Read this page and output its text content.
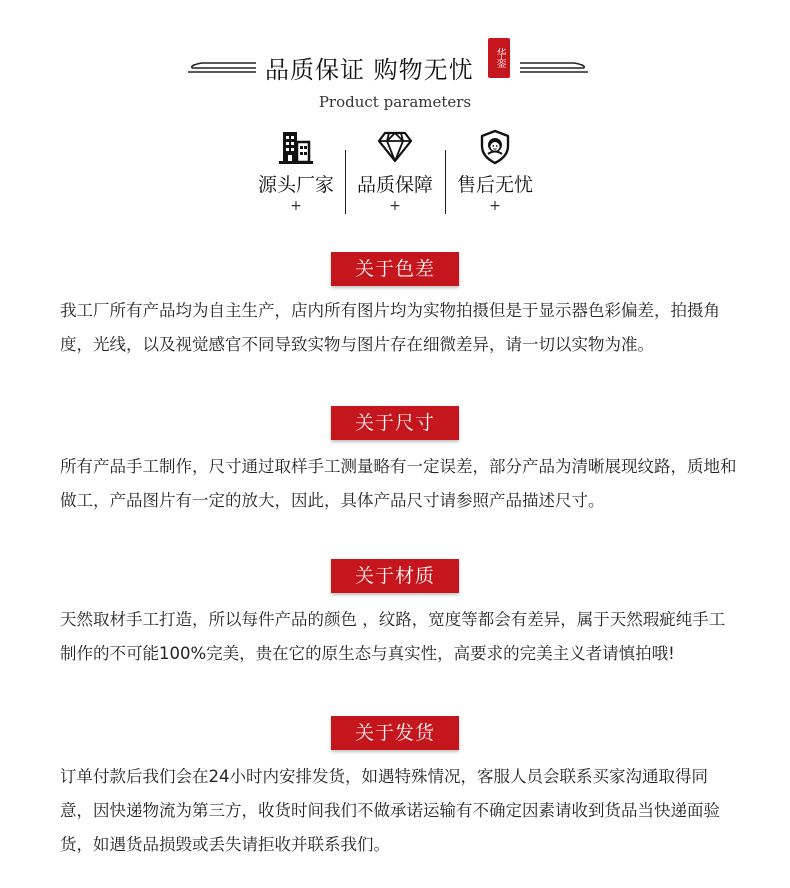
品质保证 购物无忧	华銮
Product parameters
源头厂家
+
品质保障
+
售后无忧
+
关于色差
我工厂所有产品均为自主生产，店内所有图片均为实物拍摄但是于显示器色彩偏差，拍摄角度，光线，以及视觉感官不同导致实物与图片存在细微差异，请一切以实物为准。
关于尺寸
所有产品手工制作，尺寸通过取样手工测量略有一定误差，部分产品为清晰展现纹路，质地和做工，产品图片有一定的放大，因此，具体产品尺寸请参照产品描述尺寸。
关于材质
天然取材手工打造，所以每件产品的颜色 ，纹路，宽度等都会有差异，属于天然瑕疵纯手工制作的不可能100%完美，贵在它的原生态与真实性，高要求的完美主义者请慎拍哦!
关于发货
订单付款后我们会在24小时内安排发货，如遇特殊情况，客服人员会联系买家沟通取得同意，因快递物流为第三方，收货时间我们不做承诺运输有不确定因素请收到货品当快递面验货，如遇货品损毁或丢失请拒收并联系我们。
